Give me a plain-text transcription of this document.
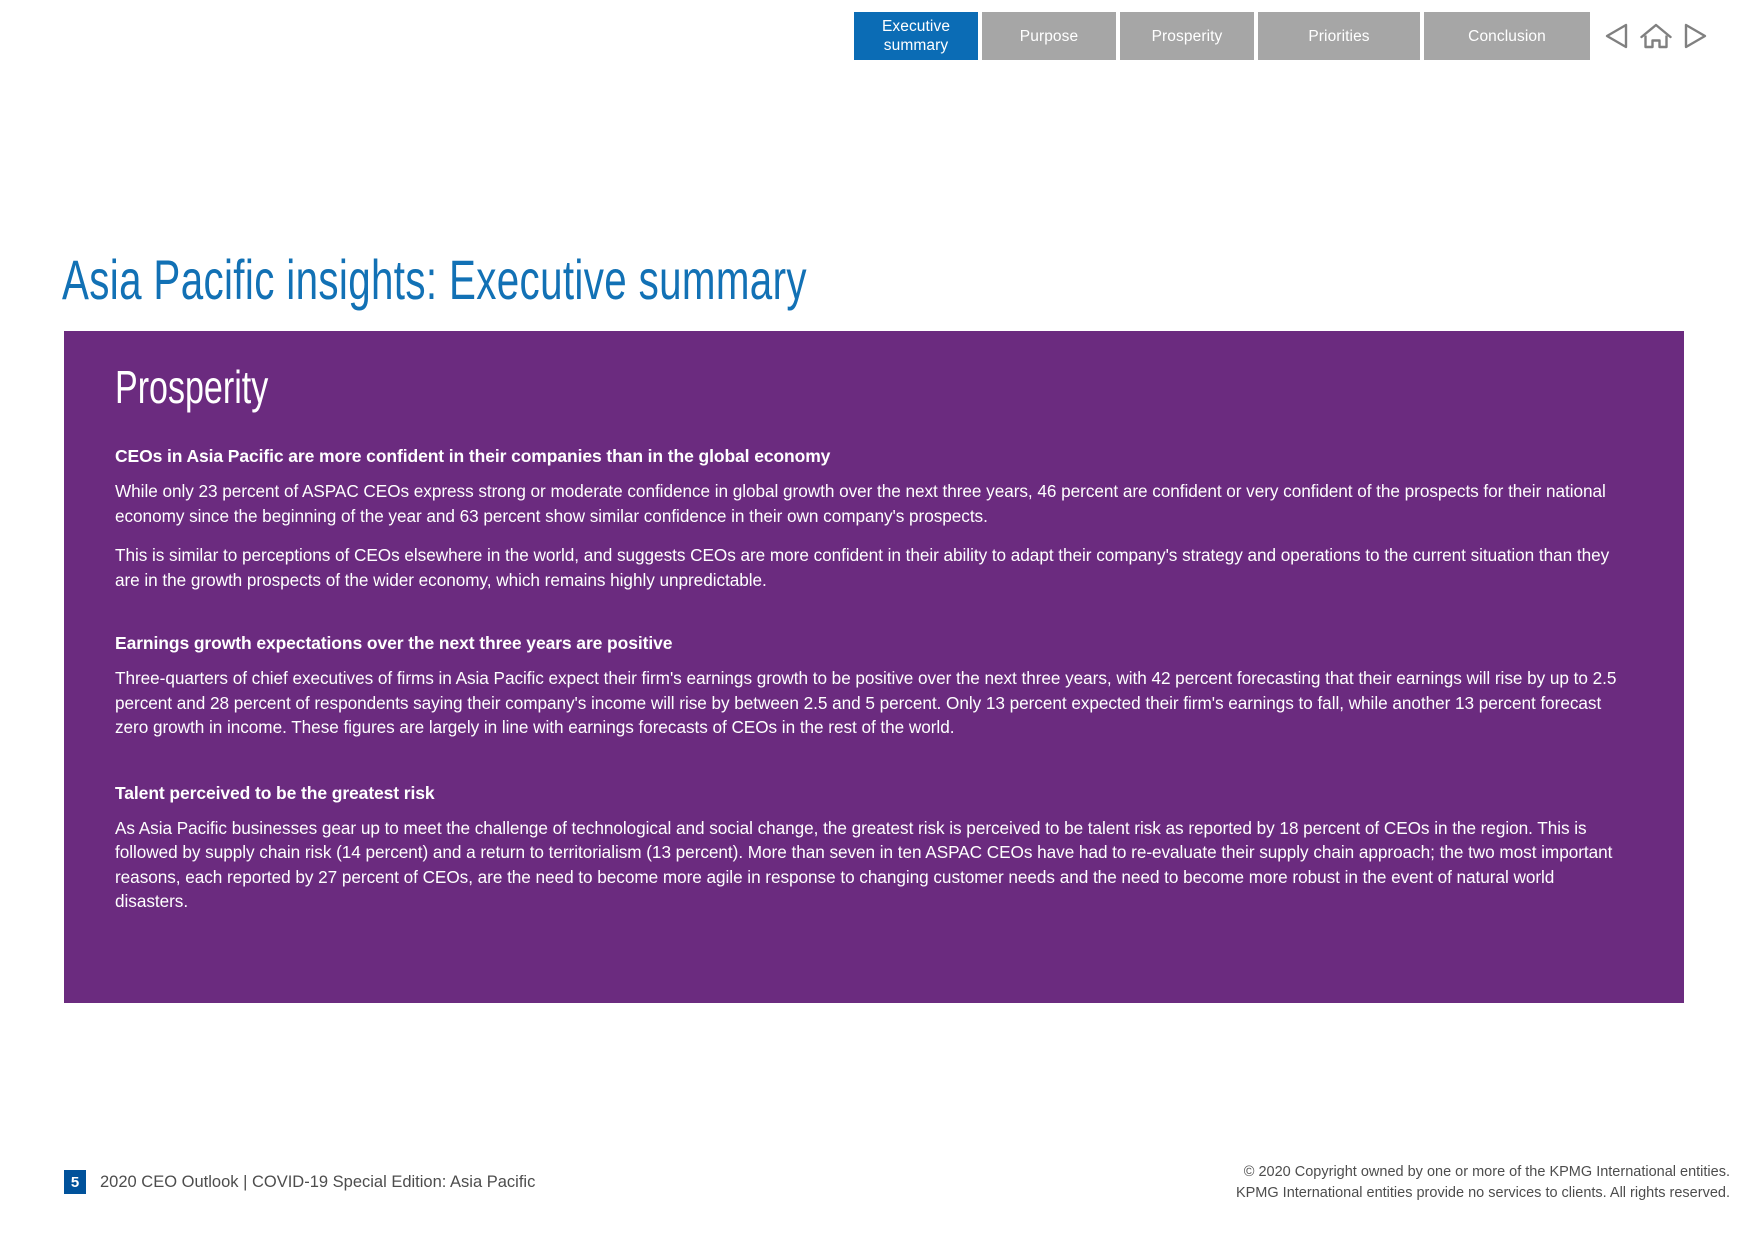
Executive
summary
Purpose	Prosperity	Priorities	Conclusion
Asia Pacific insights: Executive summary
Prosperity
CEOs in Asia Pacific are more confident in their companies than in the global economy

While only 23 percent of ASPAC CEOs express strong or moderate confidence in global growth over the next three years, 46 percent are confident or very confident of the prospects for their national economy since the beginning of the year and 63 percent show similar confidence in their own company's prospects.

This is similar to perceptions of CEOs elsewhere in the world, and suggests CEOs are more confident in their ability to adapt their company's strategy and operations to the current situation than they are in the growth prospects of the wider economy, which remains highly unpredictable.

Earnings growth expectations over the next three years are positive

Three-quarters of chief executives of firms in Asia Pacific expect their firm's earnings growth to be positive over the next three years, with 42 percent forecasting that their earnings will rise by up to 2.5 percent and 28 percent of respondents saying their company's income will rise by between 2.5 and 5 percent. Only 13 percent expected their firm's earnings to fall, while another 13 percent forecast zero growth in income. These figures are largely in line with earnings forecasts of CEOs in the rest of the world.

Talent perceived to be the greatest risk

As Asia Pacific businesses gear up to meet the challenge of technological and social change, the greatest risk is perceived to be talent risk as reported by 18 percent of CEOs in the region. This is followed by supply chain risk (14 percent) and a return to territorialism (13 percent). More than seven in ten ASPAC CEOs have had to re-evaluate their supply chain approach; the two most important reasons, each reported by 27 percent of CEOs, are the need to become more agile in response to changing customer needs and the need to become more robust in the event of natural world disasters.

5	2020 CEO Outlook | COVID-19 Special Edition: Asia Pacific
© 2020 Copyright owned by one or more of the KPMG International entities.
KPMG International entities provide no services to clients. All rights reserved.
